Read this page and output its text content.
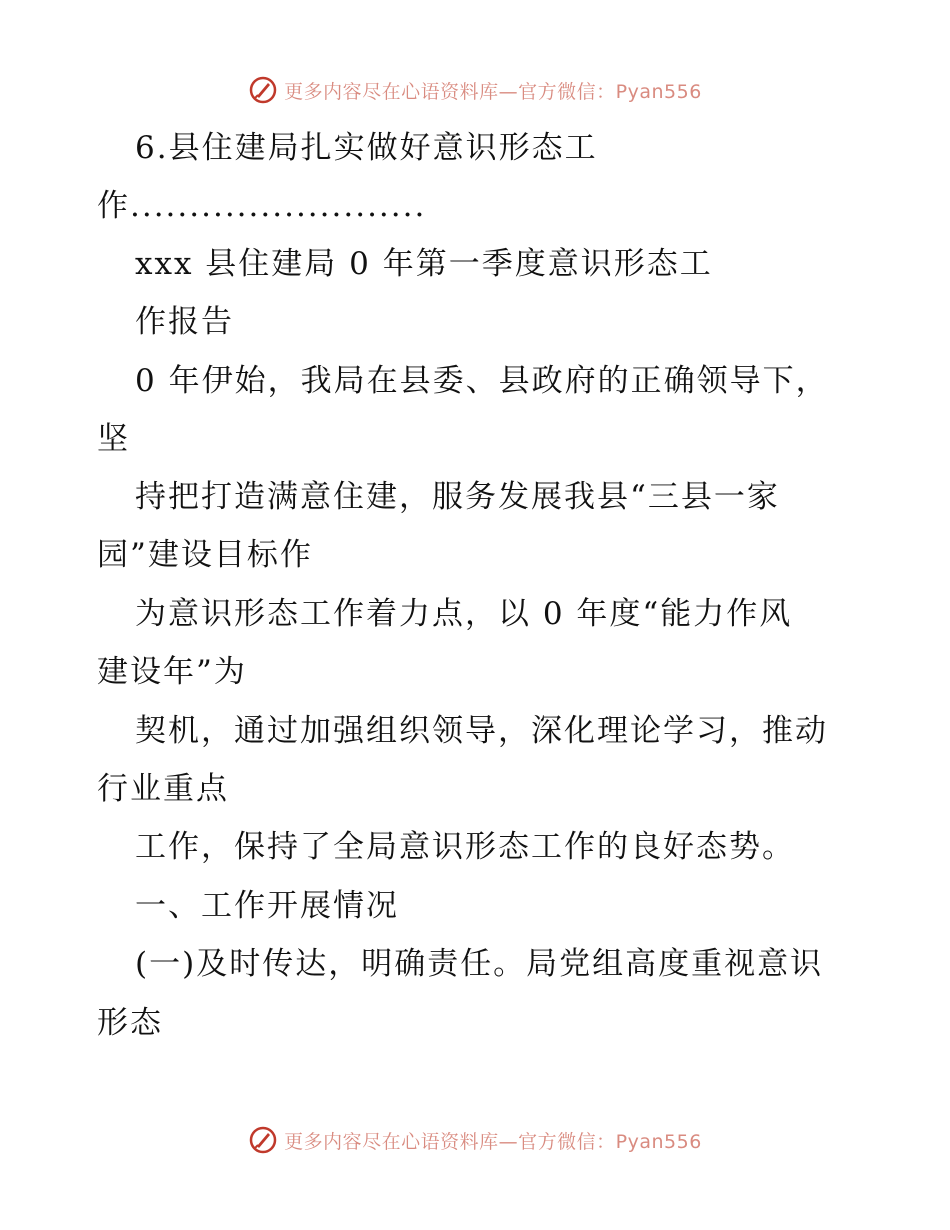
更多内容尽在心语资料库—官方微信：Pyan556
6.县住建局扎实做好意识形态工
作.........................
xxx 县住建局 0 年第一季度意识形态工
作报告
0 年伊始，我局在县委、县政府的正确领导下，
坚
持把打造满意住建，服务发展我县“三县一家
园”建设目标作
为意识形态工作着力点，以 0 年度“能力作风
建设年”为
契机，通过加强组织领导，深化理论学习，推动
行业重点
工作，保持了全局意识形态工作的良好态势。
一、工作开展情况
(一)及时传达，明确责任。局党组高度重视意识
形态
更多内容尽在心语资料库—官方微信：Pyan556
